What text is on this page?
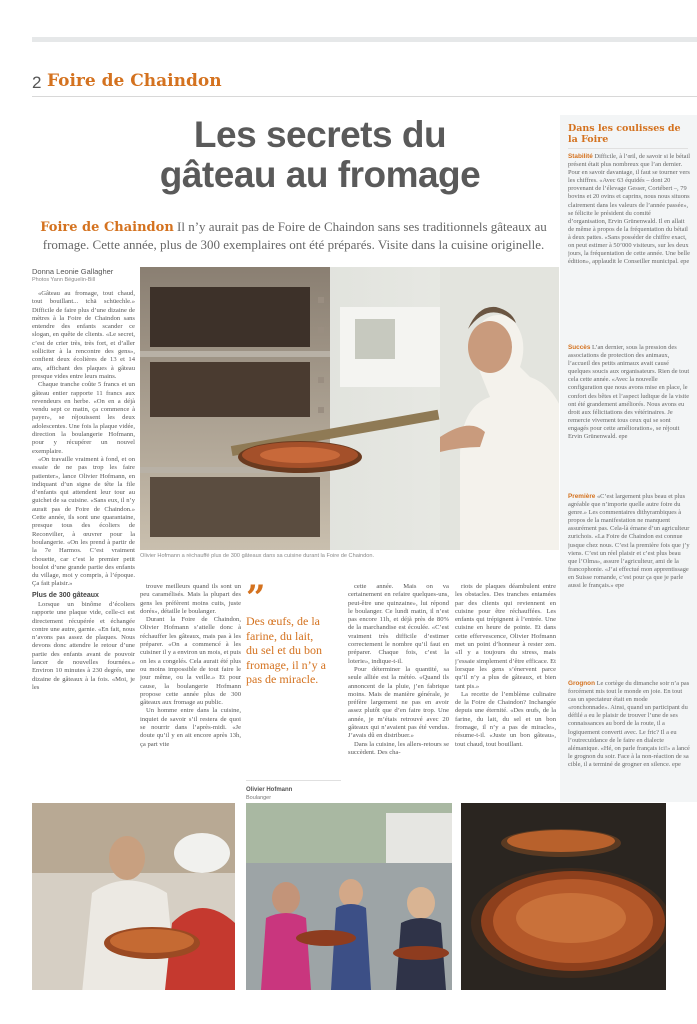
2 Foire de Chaindon
Les secrets du
gâteau au fromage
Foire de Chaindon Il n’y aurait pas de Foire de Chaindon sans ses traditionnels gâteaux au fromage. Cette année, plus de 300 exemplaires ont été préparés. Visite dans la cuisine originelle.
Donna Leonie Gallagher
Photos Yann Béguelin-Bill

«Gâteau au fromage, tout chaud, tout bouillant... tchä schüechle.» Difficile de faire plus d’une dizaine de mètres à la Foire de Chaindon sans entendre des enfants scander ce slogan, en quête de clients. «Le secret, c’est de crier très, très fort, et d’aller solliciter à la rencontre des gens», confient deux écolières de 13 et 14 ans, affichant des plaques à gâteau presque vides entre leurs mains.

Chaque tranche coûte 5 francs et un gâteau entier rapporte 11 francs aux revendeurs en herbe. «On en a déjà vendu sept ce matin, ça commence à payer», se réjouissent les deux adolescentes. Une fois la plaque vidée, direction la boulangerie Hofmann, pour y récupérer un nouvel exemplaire.

«On travaille vraiment à fond, et on essaie de ne pas trop les faire patienter», lance Olivier Hofmann, en indiquant d’un signe de tête la file d’enfants qui attendent leur tour au guichet de sa cuisine. «Sans eux, il n’y aurait pas de Foire de Chaindon.» Cette année, ils sont une quarantaine, presque tous des écoliers de Reconvilier, à œuvrer pour la boulangerie. «On les prend à partir de la 7e Harmos. C’est vraiment chouette, car c’est le premier petit boulot d’une grande partie des enfants du village, moi y compris, à l’époque. Ça fait plaisir.»

Plus de 300 gâteaux

Lorsque un binôme d’écoliers rapporte une plaque vide, celle-ci est directement récupérée et échangée contre une autre, garnie. «En fait, nous n’avons pas assez de plaques. Nous devons donc attendre le retour d’une partie des enfants avant de pouvoir lancer de nouvelles fournées.» Environ 10 minutes à 230 degrés, une dizaine de gâteaux à la fois. «Moi, je les

Olivier Hofmann a réchauffé plus de 300 gâteaux dans sa cuisine durant la Foire de Chaindon.

trouve meilleurs quand ils sont un peu caramélisés. Mais la plupart des gens les préfèrent moins cuits, juste dorés», détaille le boulanger.

Durant la Foire de Chaindon, Olivier Hofmann s’attelle donc à réchauffer les gâteaux, mais pas à les préparer. «On a commencé à les cuisiner il y a environ un mois, et puis on les a congelés. Cela aurait été plus ou moins impossible de tout faire le jour même, ou la veille.» Et pour cause, la boulangerie Hofmann propose cette année plus de 300 gâteaux aux fromage au public.

Un homme entre dans la cuisine, inquiet de savoir s’il restera de quoi se nourrir dans l’après-midi. «Je doute qu’il y en ait encore après 13h, ça part vite

”
Des œufs, de la farine, du lait, du sel et du bon fromage, il n’y a pas de miracle.
Olivier Hofmann
Boulanger

cette année. Mais on va certainement en refaire quelques-uns, peut-être une quinzaine», lui répond le boulanger. Ce lundi matin, il n’est pas encore 11h, et déjà près de 80% de la marchandise est écoulée. «C’est vraiment très difficile d’estimer correctement le nombre qu’il faut en préparer. Chaque fois, c’est la loterie», indique-t-il.

Pour déterminer la quantité, sa seule alliée est la météo. «Quand ils annoncent de la pluie, j’en fabrique moins. Mais de manière générale, je préfère largement ne pas en avoir assez plutôt que d’en faire trop. Une année, je m’étais retrouvé avec 20 gâteaux qui n’avaient pas été vendus. J’avais dû en distribuer.»

Dans la cuisine, les allers-retours se succèdent. Des cha-

riots de plaques déambulent entre les obstacles. Des tranches entamées par des clients qui reviennent en cuisine pour être réchauffées. Les enfants qui trépignent à l’entrée. Une cuisine en heure de pointe. Et dans cette effervescence, Olivier Hofmann met un point d’honneur à rester zen. «Il y a toujours du stress, mais j’essaie simplement d’être efficace. Et lorsque les gens s’énervent parce qu’il n’y a plus de gâteaux, et bien tant pis.»

La recette de l’emblème culinaire de la Foire de Chaindon? Inchangée depuis une éternité. «Des œufs, de la farine, du lait, du sel et un bon fromage, il n’y a pas de miracle», résume-t-il. «Juste un bon gâteau», tout chaud, tout bouillant.

Dans les coulisses de la Foire
Stabilité Difficile, à l’œil, de savoir si le bétail présent était plus nombreux que l’an dernier. Pour en savoir davantage, il faut se tourner vers les chiffres. «Avec 63 équidés – dont 20 provenant de l’élevage Gesser, Cortébert –, 79 bovins et 20 ovins et caprins, nous nous situons clairement dans les valeurs de l’année passée», se félicite le président du comité d’organisation, Ervin Grünenwald. Il en allait de même à propos de la fréquentation du bétail à deux pattes. «Sans posséder de chiffre exact, on peut estimer à 50’000 visiteurs, sur les deux jours, la fréquentation de cette année. Une belle édition», applaudit le Conseiller municipal. epe
Succès L’an dernier, sous la pression des associations de protection des animaux, l’accueil des petits animaux avait causé quelques soucis aux organisateurs. Rien de tout cela cette année. «Avec la nouvelle configuration que nous avons mise en place, le confort des bêtes et l’aspect ludique de la visite ont été grandement améliorés. Nous avons eu droit aux félicitations des vétérinaires. Je remercie vivement tous ceux qui se sont engagés pour cette amélioration», se réjouit Ervin Grünenwald. epe
Première «C’est largement plus beau et plus agréable que n’importe quelle autre foire du genre.» Les commentaires dithyrambiques à propos de la manifestation ne manquent assurément pas. Cela-là émane d’un agriculteur zurichois. «La Foire de Chaindon est connue jusque chez nous. C’est la première fois que j’y viens. C’est un réel plaisir et c’est plus beau que l’Olma», assure l’agriculteur, ami de la francophonie. «J’ai effectué mon apprentissage en Suisse romande, c’est pour ça que je parle aussi le français.» epe
Grognon Le cortège du dimanche soir n’a pas forcément mis tout le monde en joie. En tout cas un spectateur était en mode «ronchonnade». Ainsi, quand un participant du défilé a eu le plaisir de trouver l’une de ses connaissances au bord de la route, il a logiquement converti avec. Le fric? Il a eu l’outrecuidance de le faire en dialecte alémanique. «Hé, on parle français ici!» a lancé le grognon du soir. Face à la non-réaction de sa cible, il a terminé de grogner en silence. epe
